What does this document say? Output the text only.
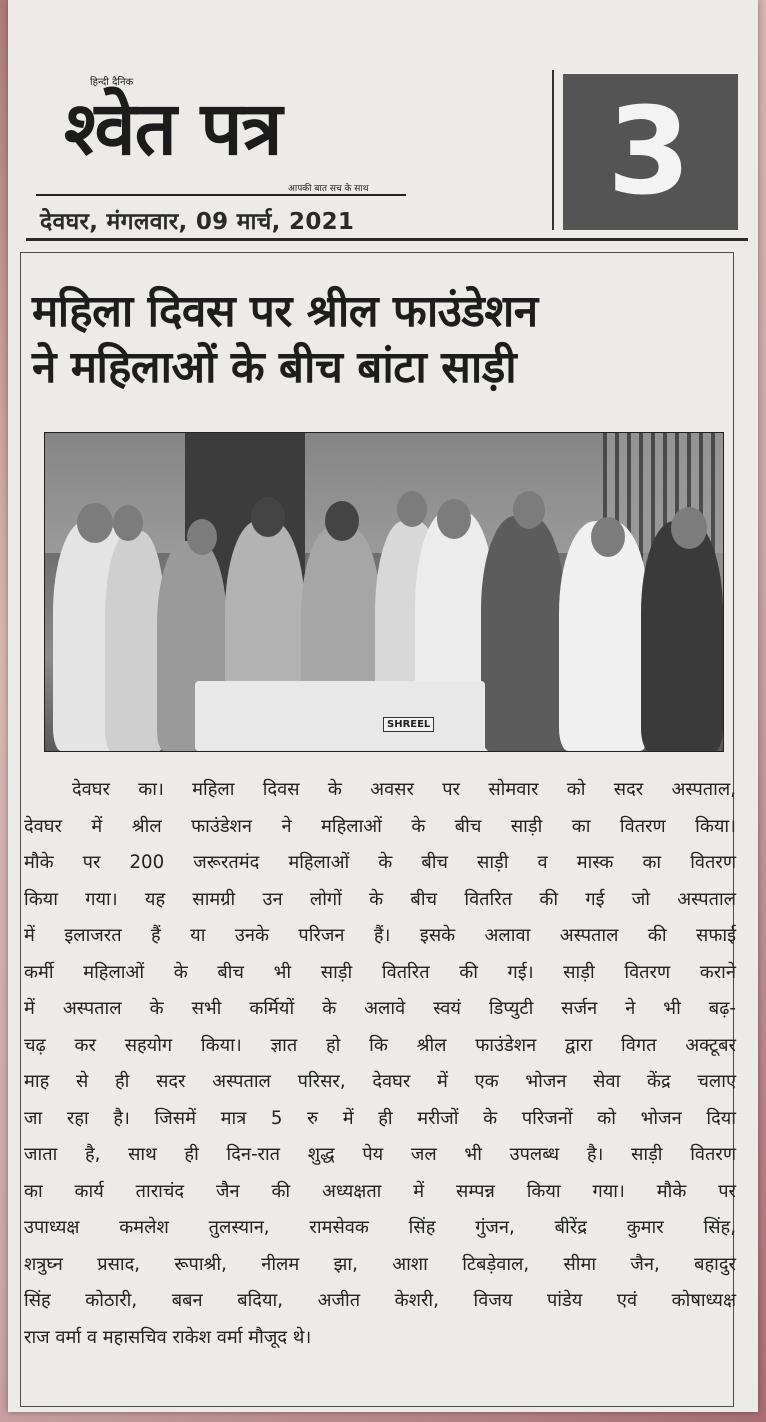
हिन्दी दैनिक
श्वेत पत्र
आपकी बात सच के साथ
देवघर, मंगलवार, 09 मार्च, 2021
3
महिला दिवस पर श्रील फाउंडेशन
ने महिलाओं के बीच बांटा साड़ी
SHREEL
देवघर का। महिला दिवस के अवसर पर सोमवार को सदर अस्पताल,
देवघर में श्रील फाउंडेशन ने महिलाओं के बीच साड़ी का वितरण किया।
मौके पर 200 जरूरतमंद महिलाओं के बीच साड़ी व मास्क का वितरण
किया गया। यह सामग्री उन लोगों के बीच वितरित की गई जो अस्पताल
में इलाजरत हैं या उनके परिजन हैं। इसके अलावा अस्पताल की सफाई
कर्मी महिलाओं के बीच भी साड़ी वितरित की गई। साड़ी वितरण कराने
में अस्पताल के सभी कर्मियों के अलावे स्वयं डिप्युटी सर्जन ने भी बढ़-
चढ़ कर सहयोग किया। ज्ञात हो कि श्रील फाउंडेशन द्वारा विगत अक्टूबर
माह से ही सदर अस्पताल परिसर, देवघर में एक भोजन सेवा केंद्र चलाए
जा रहा है। जिसमें मात्र 5 रु में ही मरीजों के परिजनों को भोजन दिया
जाता है, साथ ही दिन-रात शुद्ध पेय जल भी उपलब्ध है। साड़ी वितरण
का कार्य ताराचंद जैन की अध्यक्षता में सम्पन्न किया गया। मौके पर
उपाध्यक्ष कमलेश तुलस्यान, रामसेवक सिंह गुंजन, बीरेंद्र कुमार सिंह,
शत्रुघ्न प्रसाद, रूपाश्री, नीलम झा, आशा टिबड़ेवाल, सीमा जैन, बहादुर
सिंह कोठारी, बबन बदिया, अजीत केशरी, विजय पांडेय एवं कोषाध्यक्ष
राज वर्मा व महासचिव राकेश वर्मा मौजूद थे।
